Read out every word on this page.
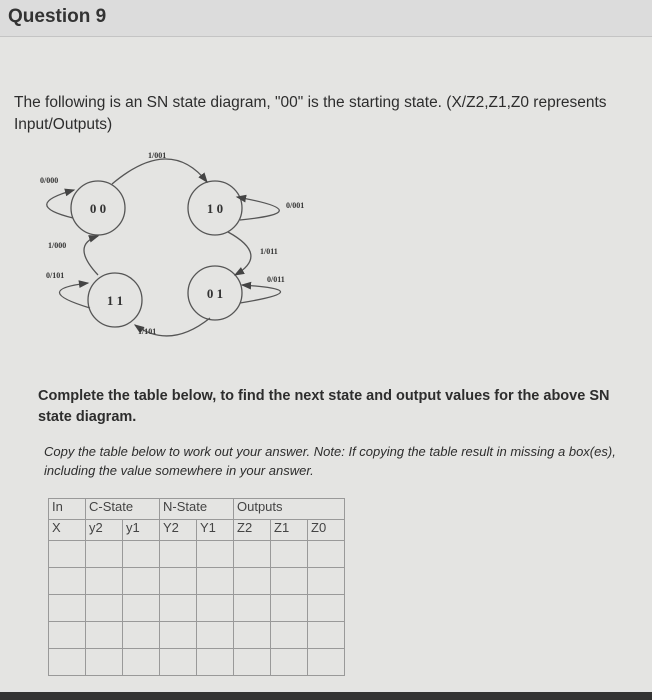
Question 9
The following is an SN state diagram, "00" is the starting state. (X/Z2,Z1,Z0 represents Input/Outputs)
0 0	1 0
0 1
1 1
0/000
1/001
0/001
1/011
0/011
1/101
0/101
1/000
Complete the table below, to find the next state and output values for the above SN state diagram.
Copy the table below to work out your answer. Note: If copying the table result in missing a box(es), including the value somewhere in your answer.
In	C-State		N-State		Outputs		
X	y2	y1	Y2	Y1	Z2	Z1	Z0
